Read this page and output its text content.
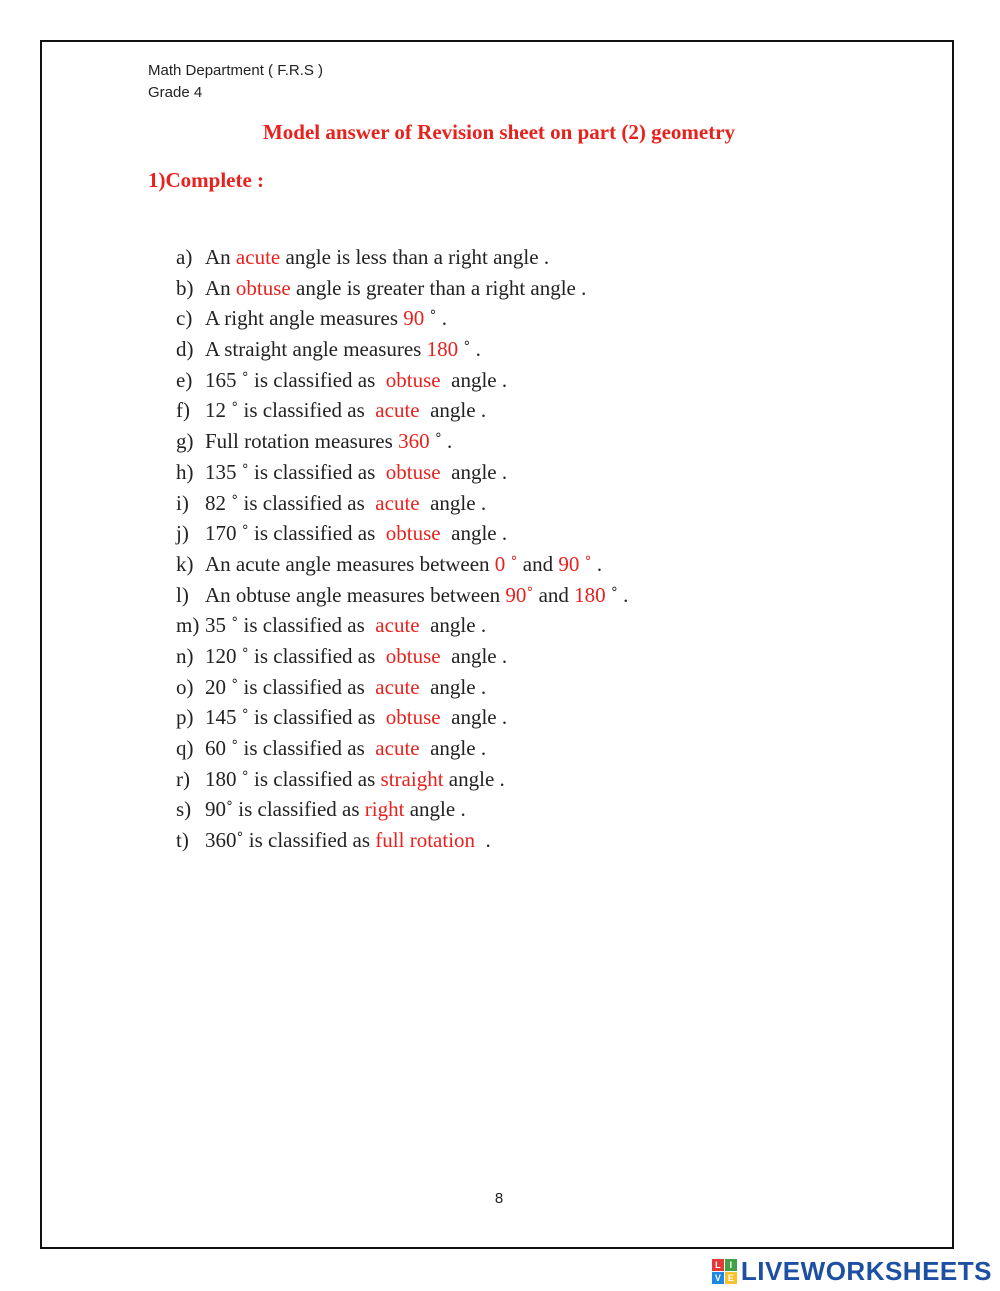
Math Department ( F.R.S )
Grade 4
Model answer of Revision sheet on part (2) geometry
1)Complete :
a) An acute angle is less than a right angle .
b) An obtuse angle is greater than a right angle .
c) A right angle measures 90 ˚ .
d) A straight angle measures 180 ˚ .
e) 165 ˚ is classified as  obtuse  angle .
f) 12 ˚ is classified as  acute  angle .
g) Full rotation measures 360 ˚ .
h) 135 ˚ is classified as  obtuse  angle .
i) 82 ˚ is classified as  acute  angle .
j) 170 ˚ is classified as  obtuse  angle .
k) An acute angle measures between 0 ˚ and 90 ˚ .
l) An obtuse angle measures between 90˚ and 180 ˚ .
m) 35 ˚ is classified as  acute  angle .
n) 120 ˚ is classified as  obtuse  angle .
o) 20 ˚ is classified as  acute  angle .
p) 145 ˚ is classified as  obtuse  angle .
q) 60 ˚ is classified as  acute  angle .
r) 180 ˚ is classified as straight angle .
s) 90˚ is classified as right angle .
t) 360˚ is classified as full rotation  .
8
L I
V E LIVEWORKSHEETS
